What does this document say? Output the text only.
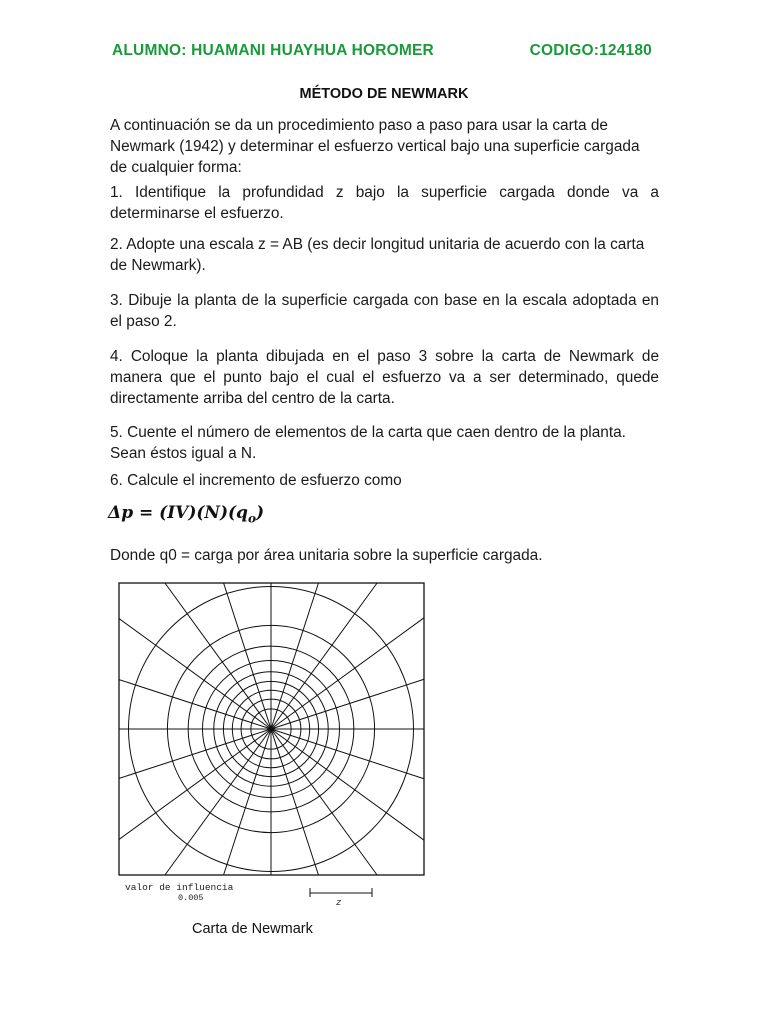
ALUMNO: HUAMANI HUAYHUA HOROMER	CODIGO:124180
MÉTODO DE NEWMARK
A continuación se da un procedimiento paso a paso para usar la carta de Newmark (1942) y determinar el esfuerzo vertical bajo una superficie cargada de cualquier forma:
1. Identifique la profundidad z bajo la superficie cargada donde va a determinarse el esfuerzo.
2. Adopte una escala z = AB (es decir longitud unitaria de acuerdo con la carta de Newmark).
3. Dibuje la planta de la superficie cargada con base en la escala adoptada en el paso 2.
4. Coloque la planta dibujada en el paso 3 sobre la carta de Newmark de manera que el punto bajo el cual el esfuerzo va a ser determinado, quede directamente arriba del centro de la carta.
5. Cuente el número de elementos de la carta que caen dentro de la planta. Sean éstos igual a N.
6. Calcule el incremento de esfuerzo como
$\Delta p = (IV)(N)(q_o)$
Donde q0 = carga por área unitaria sobre la superficie cargada.
valor de influencia
0.005	z
Carta de Newmark
